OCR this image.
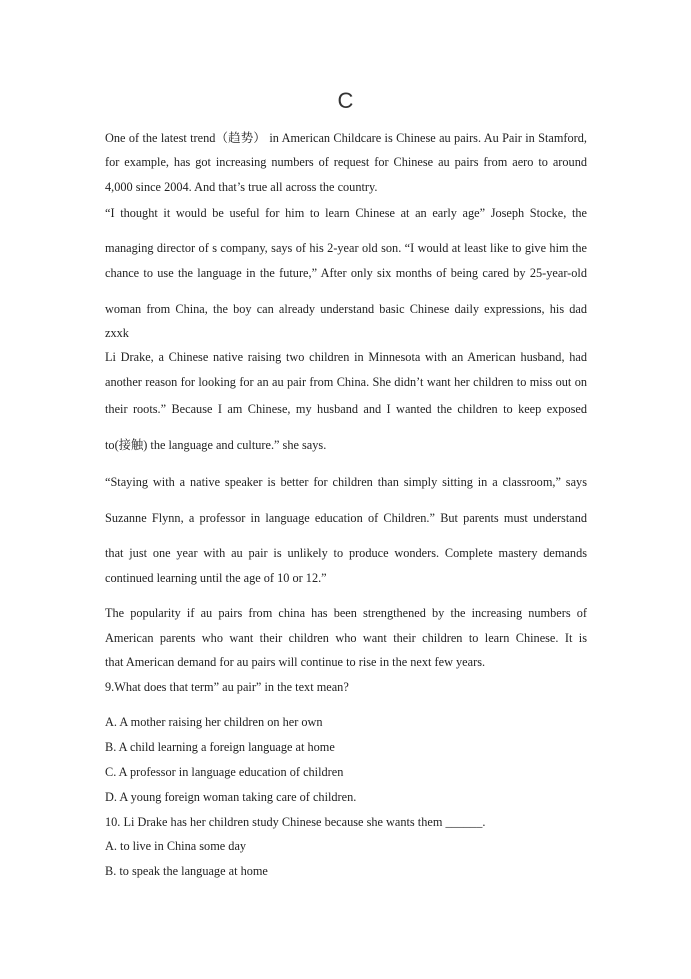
C
One of the latest trend（趋势） in American Childcare is Chinese au pairs. Au Pair in Stamford,
for example, has got increasing numbers of request for Chinese au pairs from aero to around
4,000 since 2004. And that’s true all across the country.
“I thought it would be useful for him to learn Chinese at an early ageˮ Joseph Stocke, the
managing director of s company, says of his 2-year old son. “I would at least like to give him the
chance to use the language in the future,ˮ After only six months of being cared by 25-year-old
woman from China, the boy can already understand basic Chinese daily expressions, his dad
zxxk
Li Drake, a Chinese native raising two children in Minnesota with an American husband, had
another reason for looking for an au pair from China. She didn’t want her children to miss out on
their roots.ˮ Because I am Chinese, my husband and I wanted the children to keep exposed
to(接触) the language and culture.ˮ she says.
“Staying with a native speaker is better for children than simply sitting in a classroom,ˮ says
Suzanne Flynn, a professor in language education of Children.ˮ But parents must understand
that just one year with au pair is unlikely to produce wonders. Complete mastery demands
continued learning until the age of 10 or 12.ˮ
The popularity if au pairs from china has been strengthened by the increasing numbers of
American parents who want their children who want their children to learn Chinese. It is
that American demand for au pairs will continue to rise in the next few years.
9.What does that termˮ au pairˮ in the text mean?
A. A mother raising her children on her own
B. A child learning a foreign language at home
C. A professor in language education of children
D. A young foreign woman taking care of children.
10. Li Drake has her children study Chinese because she wants them ______.
A. to live in China some day
B. to speak the language at home
